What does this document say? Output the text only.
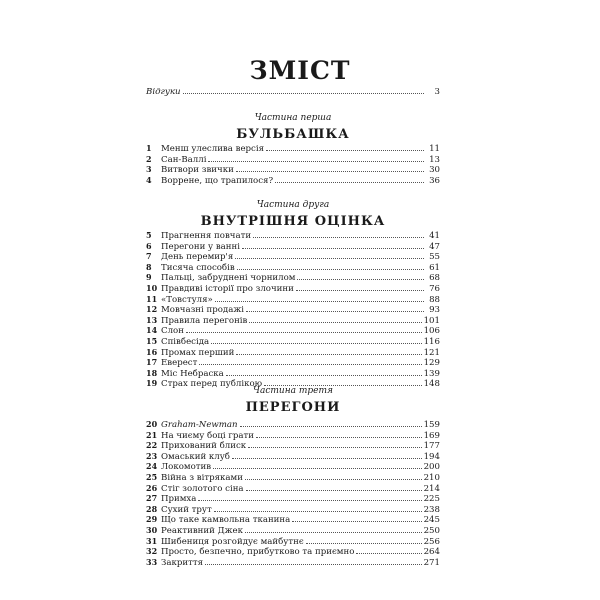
ЗМІСТ
Відгуки	3
Частина перша
БУЛЬБАШКА
1	Менш улеслива версія	11
2	Сан-Валлі	13
3	Витвори звички	30
4	Воррене, що трапилося?	36
Частина друга
ВНУТРІШНЯ ОЦІНКА
5	Прагнення повчати	41
6	Перегони у ванні	47
7	День перемир'я	55
8	Тисяча способів	61
9	Пальці, забруднені чорнилом	68
10 Правдиві історії про злочини	76
11 «Товстуля»	88
12 Мовчазні продажі	93
13 Правила перегонів	101
14 Слон	106
15 Співбесіда	116
16 Промах перший	121
17 Еверест	129
18 Міс Небраска	139
19 Страх перед публікою	148
Частина третя
ПЕРЕГОНИ
20 Graham-Newman	159
21 На чиєму боці грати	169
22 Прихований блиск	177
23 Омаський клуб	194
24 Локомотив	200
25 Війна з вітряками	210
26 Стіг золотого сіна	214
27 Примха	225
28 Сухий трут	238
29 Що таке камвольна тканина	245
30 Реактивний Джек	250
31 Шибениця розгойдує майбутнє	256
32 Просто, безпечно, прибутково та приємно	264
33 Закриття	271
